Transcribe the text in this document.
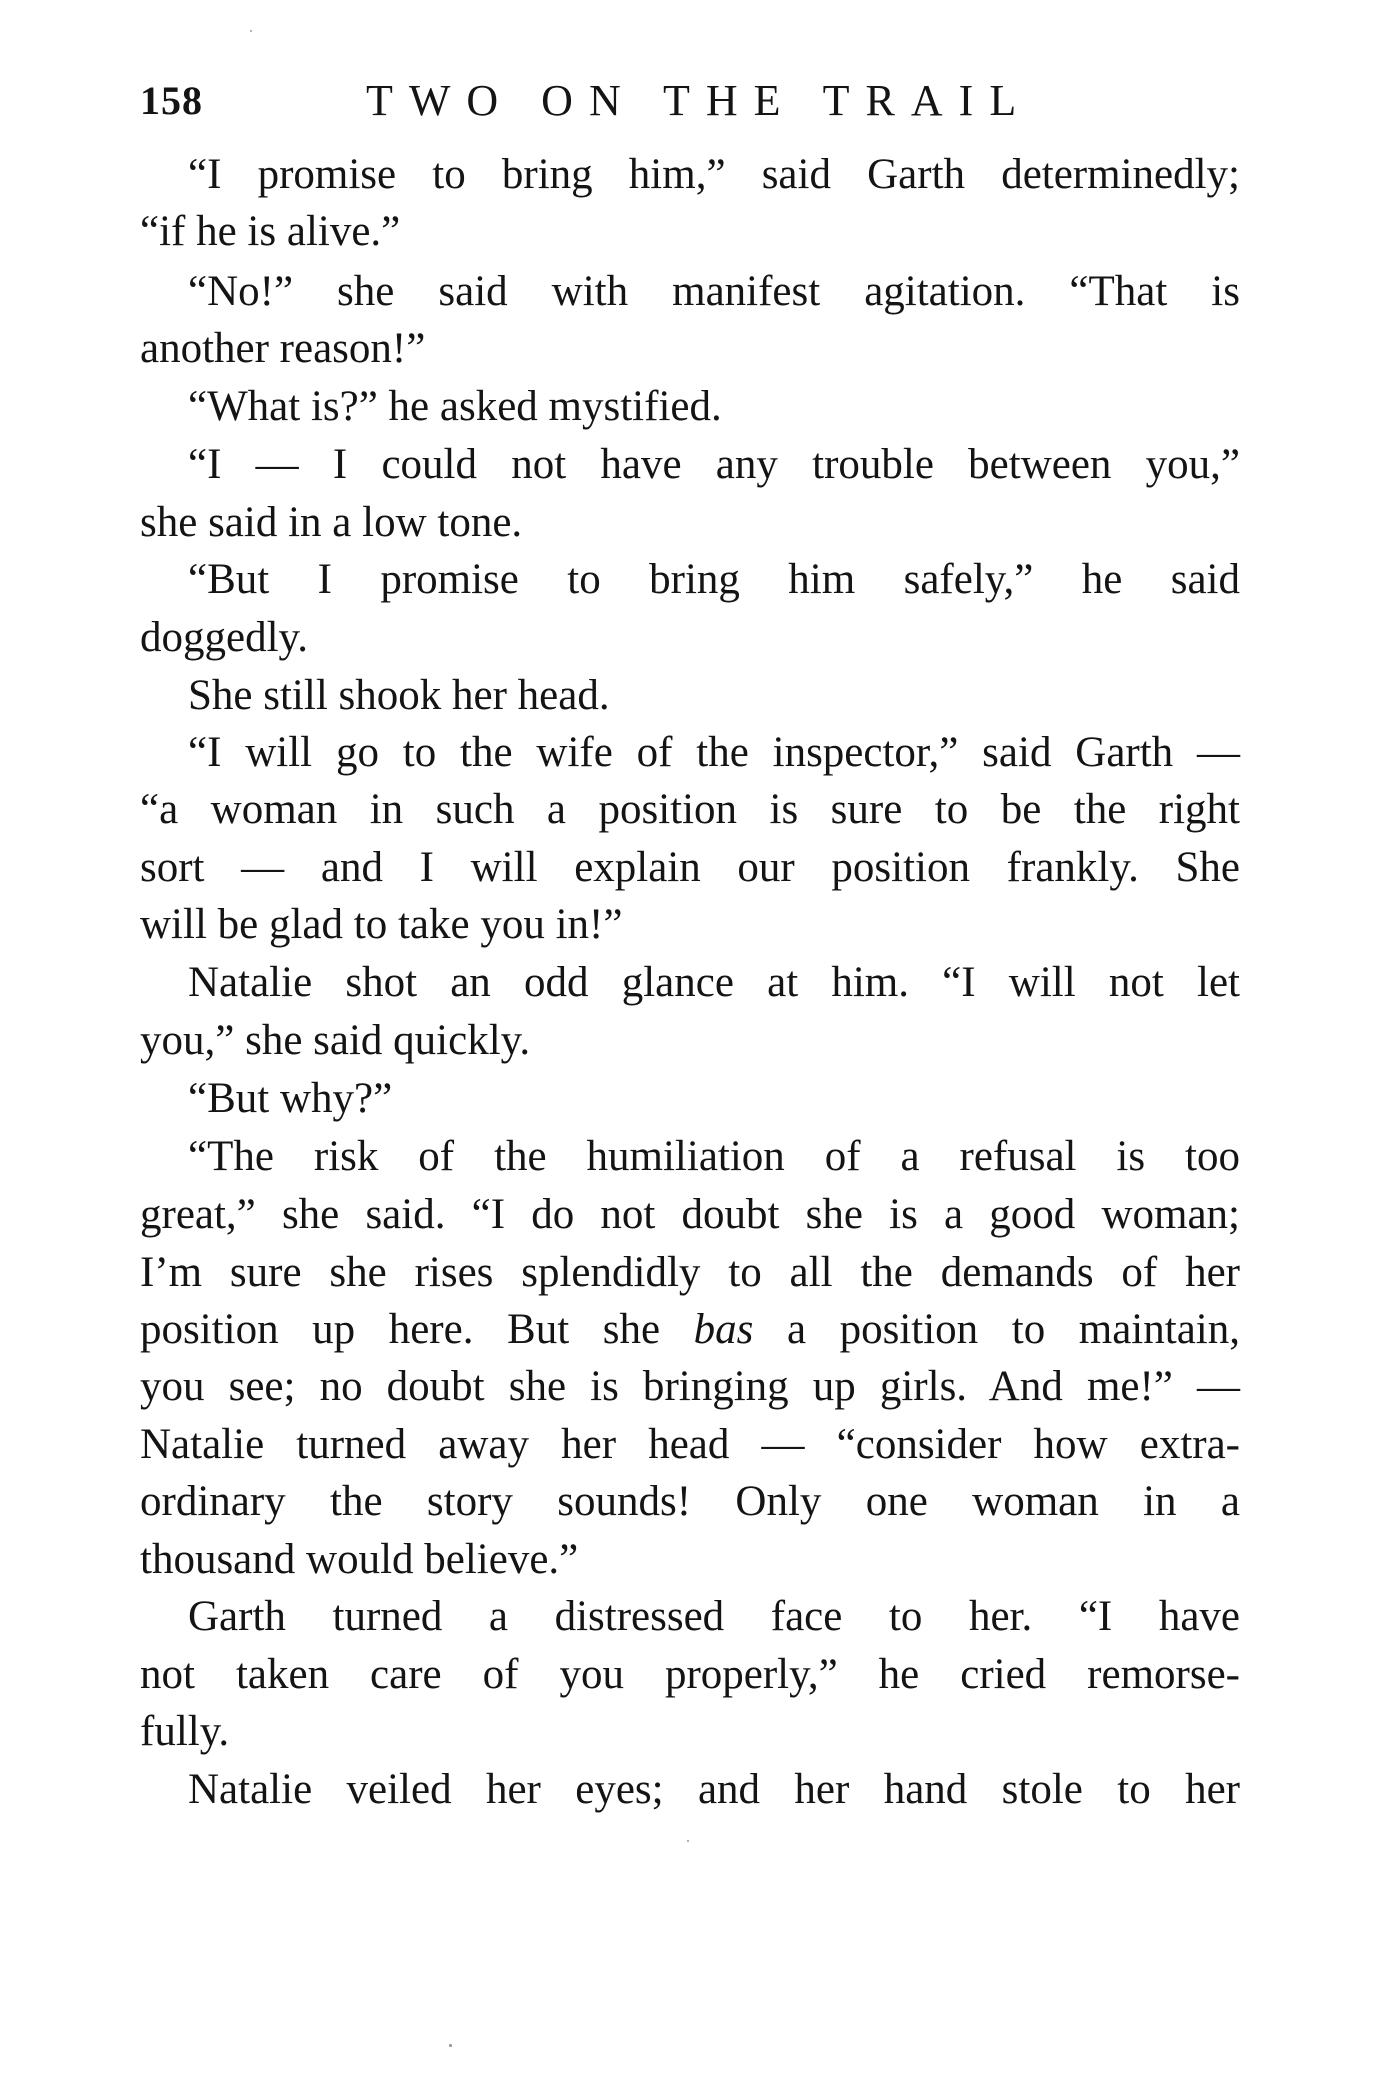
158	TWO ON THE TRAIL
“I promise to bring him,” said Garth determinedly;
“if he is alive.”
“No!” she said with manifest agitation. “That is
another reason!”
“What is?” he asked mystified.
“I — I could not have any trouble between you,”
she said in a low tone.
“But I promise to bring him safely,” he said
doggedly.
She still shook her head.
“I will go to the wife of the inspector,” said Garth —
“a woman in such a position is sure to be the right
sort — and I will explain our position frankly. She
will be glad to take you in!”
Natalie shot an odd glance at him. “I will not let
you,” she said quickly.
“But why?”
“The risk of the humiliation of a refusal is too
great,” she said. “I do not doubt she is a good woman;
I’m sure she rises splendidly to all the demands of her
position up here. But she bas a position to maintain,
you see; no doubt she is bringing up girls. And me!” —
Natalie turned away her head — “consider how extra-
ordinary the story sounds! Only one woman in a
thousand would believe.”
Garth turned a distressed face to her. “I have
not taken care of you properly,” he cried remorse-
fully.
Natalie veiled her eyes; and her hand stole to her
